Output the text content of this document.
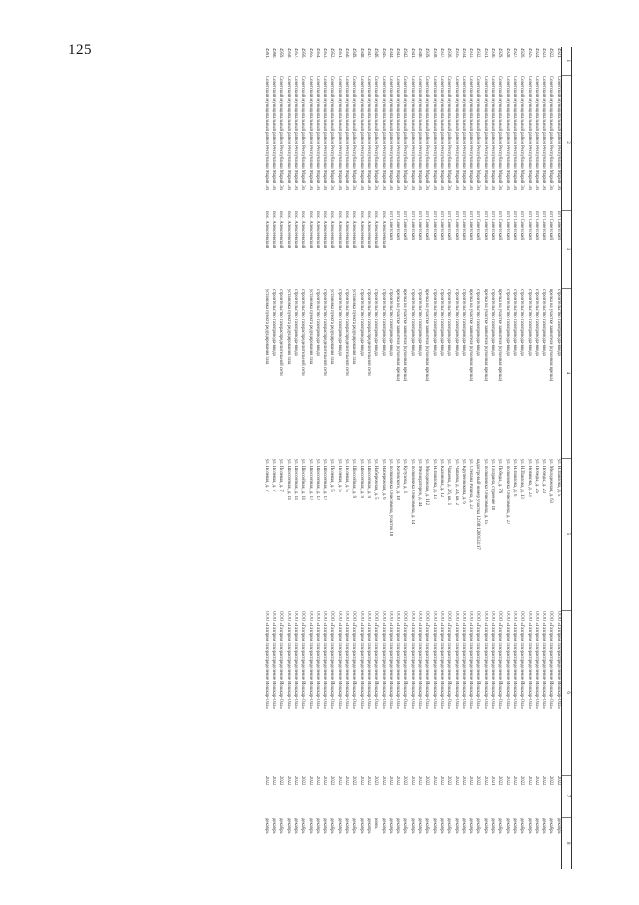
125
1	2	3	4	5	6	7	8
4921.	Советский муниципальный район Республики Марий Эл	пгт Советский	строительство газопровода-ввода	ул. Н.Павлова, д. 5	ООО «Газпром газораспределение Йошкар-Ола»	2022	декабрь
4922.	Советский муниципальный район Республики Марий Эл	пгт Советский	врезка на участке заявителя (кухонная врезка)	ул. Молодежная, д. 63	ООО «Газпром газораспределение Йошкар-Ола»	2022	декабрь
4923.	Советский муниципальный район Республики Марий Эл	пгт Советский	строительство газопровода-ввода	ул. Победы, д. 23	ООО «Газпром газораспределение Йошкар-Ола»	2022	декабрь
4924.	Советский муниципальный район Республики Марий Эл	пгт Советский	строительство газопровода-ввода	ул. Победы, д. 25	ООО «Газпром газораспределение Йошкар-Ола»	2022	декабрь
4925.	Советский муниципальный район Республики Марий Эл	пгт Советский	строительство газопровода-ввода	ул. Новикова, д. 23	ООО «Газпром газораспределение Йошкар-Ола»	2022	декабрь
4926.	Советский муниципальный район Республики Марий Эл	пгт Советский	строительство газопровода-ввода	ул. Н.Павлова, д. 13	ООО «Газпром газораспределение Йошкар-Ола»	2022	декабрь
4927.	Советский муниципальный район Республики Марий Эл	пгт Советский	строительство газопровода-ввода	ул. Н.Павлова, д. 6	ООО «Газпром газораспределение Йошкар-Ола»	2022	декабрь
4928.	Советский муниципальный район Республики Марий Эл	пгт Советский	строительство газопровода-ввода	ул. полковника Онисимова, д. 27	ООО «Газпром газораспределение Йошкар-Ола»	2022	декабрь
4929.	Советский муниципальный район Республики Марий Эл	пгт Советский	врезка на участке заявителя (кухонная врезка)	ул. Победы, д. 79	ООО «Газпром газораспределение Йошкар-Ола»	2022	декабрь
4930.	Советский муниципальный район Республики Марий Эл	пгт Советский	строительство газопровода-ввода	ул. Гагарина, строение 10	ООО «Газпром газораспределение Йошкар-Ола»	2021	декабрь
4931.	Советский муниципальный район Республики Марий Эл	пгт Советский	врезка на участке заявителя (кухонная врезка)	ул. полковника Онисимова, д. 15	ООО «Газпром газораспределение Йошкар-Ола»	2022	декабрь
4932.	Советский муниципальный район Республики Марий Эл	пгт Советский	строительство газопровода-ввода	кадастровый номер участка 12:08:1200124:17	ООО «Газпром газораспределение Йошкар-Ола»	2022	декабрь
4933.	Советский муниципальный район Республики Марий Эл	пгт Советский	врезка на участке заявителя (кухонная врезка)	ул. Степана Разина, д. 23	ООО «Газпром газораспределение Йошкар-Ола»	2022	декабрь
4934.	Советский муниципальный район Республики Марий Эл	пгт Советский	строительство газопровода-ввода	ул. Крупенникова, д. 6	ООО «Газпром газораспределение Йошкар-Ола»	2022	декабрь
4935.	Советский муниципальный район Республики Марий Эл	пгт Советский	строительство газопровода-ввода	ул. Чапаева, д. 24, кв. 2	ООО «Газпром газораспределение Йошкар-Ола»	2022	декабрь
4936.	Советский муниципальный район Республики Марий Эл	пгт Советский	строительство газопровода-ввода	ул. Чапаева, д. 26, кв. 1	ООО «Газпром газораспределение Йошкар-Ола»	2022	декабрь
4937.	Советский муниципальный район Республики Марий Эл	пгт Советский	строительство газопровода-ввода	ул. Калинина, д. 12	ООО «Газпром газораспределение Йошкар-Ола»	2022	декабрь
4938.	Советский муниципальный район Республики Марий Эл	пгт Советский	строительство газопровода-ввода	ул. Н.Павлова, д. 13	ООО «Газпром газораспределение Йошкар-Ола»	2022	декабрь
4939.	Советский муниципальный район Республики Марий Эл	пгт Советский	врезка на участке заявителя (кухонная врезка)	ул. Молодежная, д. 112	ООО «Газпром газораспределение Йошкар-Ола»	2022	декабрь
4940.	Советский муниципальный район Республики Марий Эл	пгт Советский	строительство газопровода-ввода	ул. Мелиораторов, д. 44	ООО «Газпром газораспределение Йошкар-Ола»	2022	декабрь
4941.	Советский муниципальный район Республики Марий Эл	пгт Советский	строительство газопровода-ввода	ул. полковника Онисимова, д. 14	ООО «Газпром газораспределение Йошкар-Ола»	2022	декабрь
4942.	Советский муниципальный район Республики Марий Эл	пгт Советский	врезка на участке заявителя (кухонная врезка)	ул. Кутузова, д. 1	ООО «Газпром газораспределение Йошкар-Ола»	2022	декабрь
4943.	Советский муниципальный район Республики Марий Эл	пгт Советский	врезка на участке заявителя (кухонная врезка)	ул. Котовского, д. 18	ООО «Газпром газораспределение Йошкар-Ола»	2022	декабрь
4944.	Советский муниципальный район Республики Марий Эл	пгт Советский	строительство газопровода-ввода	ул. полковника Онисимова, участок 18	ООО «Газпром газораспределение Йошкар-Ола»	2022	декабрь
4945.	Советский муниципальный район Республики Марий Эл	пос. Алексеевский	строительство газопровода-ввода	ул. Набережная, д. 6	ООО «Газпром газораспределение Йошкар-Ола»	2022	декабрь
4946.	Советский муниципальный район Республики Марий Эл	пос. Алексеевский	строительство газопровода-ввода	ул. Набережная, д. 5	ООО «Газпром газораспределение Йошкар-Ола»	2023	июнь
4947.	Советский муниципальный район Республики Марий Эл	пос. Алексеевский	строительство газораспределительной сети	ул. Шоссейная, д. 9	ООО «Газпром газораспределение Йошкар-Ола»	2022	декабрь
4948.	Советский муниципальный район Республики Марий Эл	пос. Алексеевский	строительство газопровода-ввода	ул. Шоссейная, д. 9	ООО «Газпром газораспределение Йошкар-Ола»	2022	декабрь
4949.	Советский муниципальный район Республики Марий Эл	пос. Алексеевский	установка пункта редуцирования газа	ул. Шоссейная, д. 9	ООО «Газпром газораспределение Йошкар-Ола»	2022	декабрь
4950.	Советский муниципальный район Республики Марий Эл	пос. Алексеевский	строительство газораспределительной сети	ул. Полевая, д. 5	ООО «Газпром газораспределение Йошкар-Ола»	2022	декабрь
4951.	Советский муниципальный район Республики Марий Эл	пос. Алексеевский	строительство газопровода-ввода	ул. Полевая, д. 5	ООО «Газпром газораспределение Йошкар-Ола»	2022	декабрь
4952.	Советский муниципальный район Республики Марий Эл	пос. Алексеевский	установка пункта редуцирования газа	ул. Полевая, д. 5	ООО «Газпром газораспределение Йошкар-Ола»	2022	декабрь
4953.	Советский муниципальный район Республики Марий Эл	пос. Алексеевский	строительство газораспределительной сети	ул. Шоссейная, д. 17	ООО «Газпром газораспределение Йошкар-Ола»	2022	декабрь
4954.	Советский муниципальный район Республики Марий Эл	пос. Алексеевский	строительство газопровода-ввода	ул. Шоссейная, д. 17	ООО «Газпром газораспределение Йошкар-Ола»	2022	декабрь
4955.	Советский муниципальный район Республики Марий Эл	пос. Алексеевский	установка пункта редуцирования газа	ул. Шоссейная, д. 17	ООО «Газпром газораспределение Йошкар-Ола»	2022	декабрь
4956.	Советский муниципальный район Республики Марий Эл	пос. Алексеевский	строительство газораспределительной сети	ул. Шоссейная, д. 11	ООО «Газпром газораспределение Йошкар-Ола»	2022	декабрь
4957.	Советский муниципальный район Республики Марий Эл	пос. Алексеевский	строительство газопровода-ввода	ул. Шоссейная, д. 11	ООО «Газпром газораспределение Йошкар-Ола»	2022	декабрь
4958.	Советский муниципальный район Республики Марий Эл	пос. Алексеевский	установка пункта редуцирования газа	ул. Шоссейная, д. 11	ООО «Газпром газораспределение Йошкар-Ола»	2022	декабрь
4959.	Советский муниципальный район Республики Марий Эл	пос. Алексеевский	строительство газораспределительной сети	ул. Полевая, д. 7	ООО «Газпром газораспределение Йошкар-Ола»	2022	декабрь
4960.	Советский муниципальный район Республики Марий Эл	пос. Алексеевский	строительство газопровода-ввода	ул. Полевая, д. 7	ООО «Газпром газораспределение Йошкар-Ола»	2022	декабрь
4961.	Советский муниципальный район Республики Марий Эл	пос. Алексеевский	установка пункта редуцирования газа	ул. Полевая, д. 7	ООО «Газпром газораспределение Йошкар-Ола»	2022	декабрь
